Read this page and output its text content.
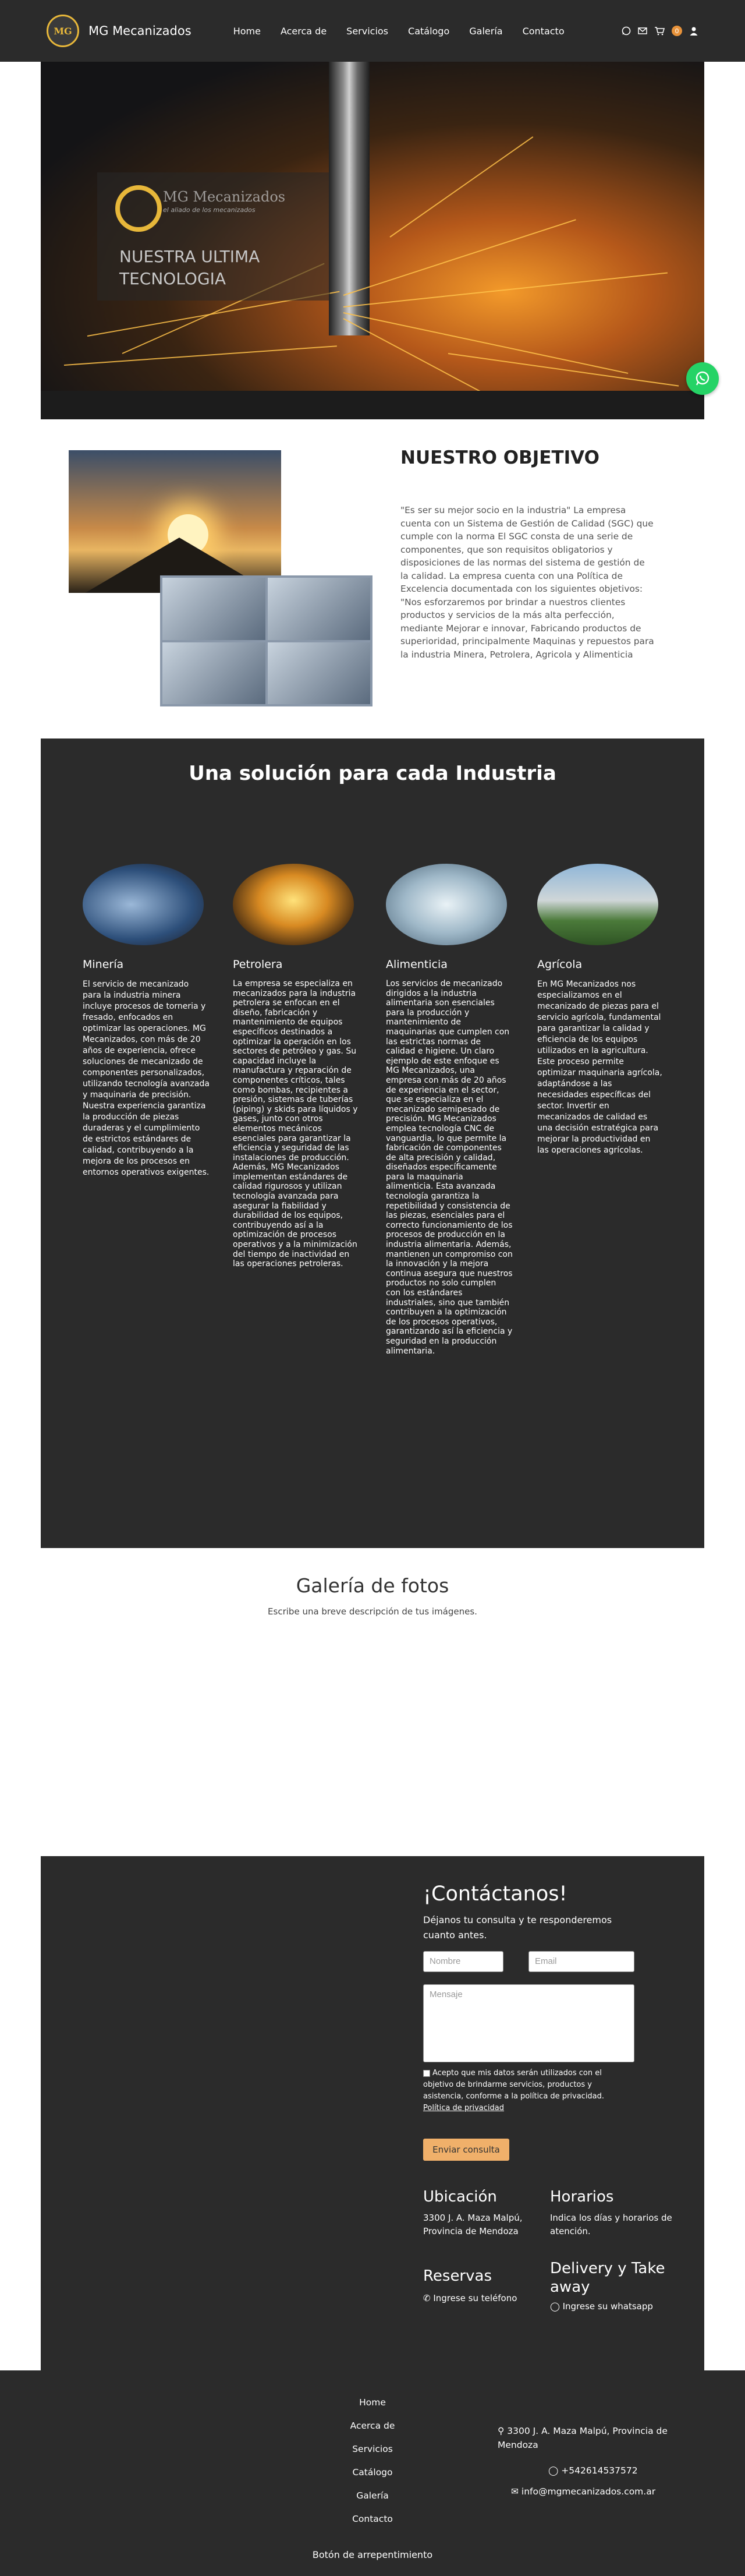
MG MG Mecanizados	Home Acerca de Servicios Catálogo Galería Contacto	0
MG Mecanizados
el aliado de los mecanizados
NUESTRA ULTIMA TECNOLOGIA
NUESTRO OBJETIVO
"Es ser su mejor socio en la industria" La empresa cuenta con un Sistema de Gestión de Calidad (SGC) que cumple con la norma El SGC consta de una serie de componentes, que son requisitos obligatorios y disposiciones de las normas del sistema de gestión de la calidad. La empresa cuenta con una Política de Excelencia documentada con los siguientes objetivos: "Nos esforzaremos por brindar a nuestros clientes productos y servicios de la más alta perfección, mediante Mejorar e innovar, Fabricando productos de superioridad, principalmente Maquinas y repuestos para la industria Minera, Petrolera, Agricola y Alimenticia
Una solución para cada Industria
Minería
El servicio de mecanizado para la industria minera incluye procesos de torneria y fresado, enfocados en optimizar las operaciones. MG Mecanizados, con más de 20 años de experiencia, ofrece soluciones de mecanizado de componentes personalizados, utilizando tecnología avanzada y maquinaria de precisión. Nuestra experiencia garantiza la producción de piezas duraderas y el cumplimiento de estrictos estándares de calidad, contribuyendo a la mejora de los procesos en entornos operativos exigentes.
Petrolera
La empresa se especializa en mecanizados para la industria petrolera se enfocan en el diseño, fabricación y mantenimiento de equipos específicos destinados a optimizar la operación en los sectores de petróleo y gas. Su capacidad incluye la manufactura y reparación de componentes críticos, tales como bombas, recipientes a presión, sistemas de tuberías (piping) y skids para líquidos y gases, junto con otros elementos mecánicos esenciales para garantizar la eficiencia y seguridad de las instalaciones de producción. Además, MG Mecanizados implementan estándares de calidad rigurosos y utilizan tecnología avanzada para asegurar la fiabilidad y durabilidad de los equipos, contribuyendo así a la optimización de procesos operativos y a la minimización del tiempo de inactividad en las operaciones petroleras.
Alimenticia
Los servicios de mecanizado dirigidos a la industria alimentaria son esenciales para la producción y mantenimiento de maquinarias que cumplen con las estrictas normas de calidad e higiene. Un claro ejemplo de este enfoque es MG Mecanizados, una empresa con más de 20 años de experiencia en el sector, que se especializa en el mecanizado semipesado de precisión. MG Mecanizados emplea tecnología CNC de vanguardia, lo que permite la fabricación de componentes de alta precisión y calidad, diseñados específicamente para la maquinaria alimenticia. Esta avanzada tecnología garantiza la repetibilidad y consistencia de las piezas, esenciales para el correcto funcionamiento de los procesos de producción en la industria alimentaria. Además, mantienen un compromiso con la innovación y la mejora continua asegura que nuestros productos no solo cumplen con los estándares industriales, sino que también contribuyen a la optimización de los procesos operativos, garantizando así la eficiencia y seguridad en la producción alimentaria.
Agrícola
En MG Mecanizados nos especializamos en el mecanizado de piezas para el servicio agrícola, fundamental para garantizar la calidad y eficiencia de los equipos utilizados en la agricultura. Este proceso permite optimizar maquinaria agrícola, adaptándose a las necesidades específicas del sector. Invertir en mecanizados de calidad es una decisión estratégica para mejorar la productividad en las operaciones agrícolas.
Galería de fotos
Escribe una breve descripción de tus imágenes.
¡Contáctanos!
Déjanos tu consulta y te responderemos cuanto antes.
Nombre	Email
Mensaje
Acepto que mis datos serán utilizados con el objetivo de brindarme servicios, productos y asistencia, conforme a la política de privacidad.
Política de privacidad
Enviar consulta
Ubicación
3300 J. A. Maza Malpú, Provincia de Mendoza
Horarios
Indica los días y horarios de atención.
Reservas
✆ Ingrese su teléfono
Delivery y Take away
◯ Ingrese su whatsapp
Home
Acerca de
Servicios
Catálogo
Galería
Contacto
⚲ 3300 J. A. Maza Malpú, Provincia de Mendoza
◯ +542614537572
✉ info@mgmecanizados.com.ar
Botón de arrepentimiento
